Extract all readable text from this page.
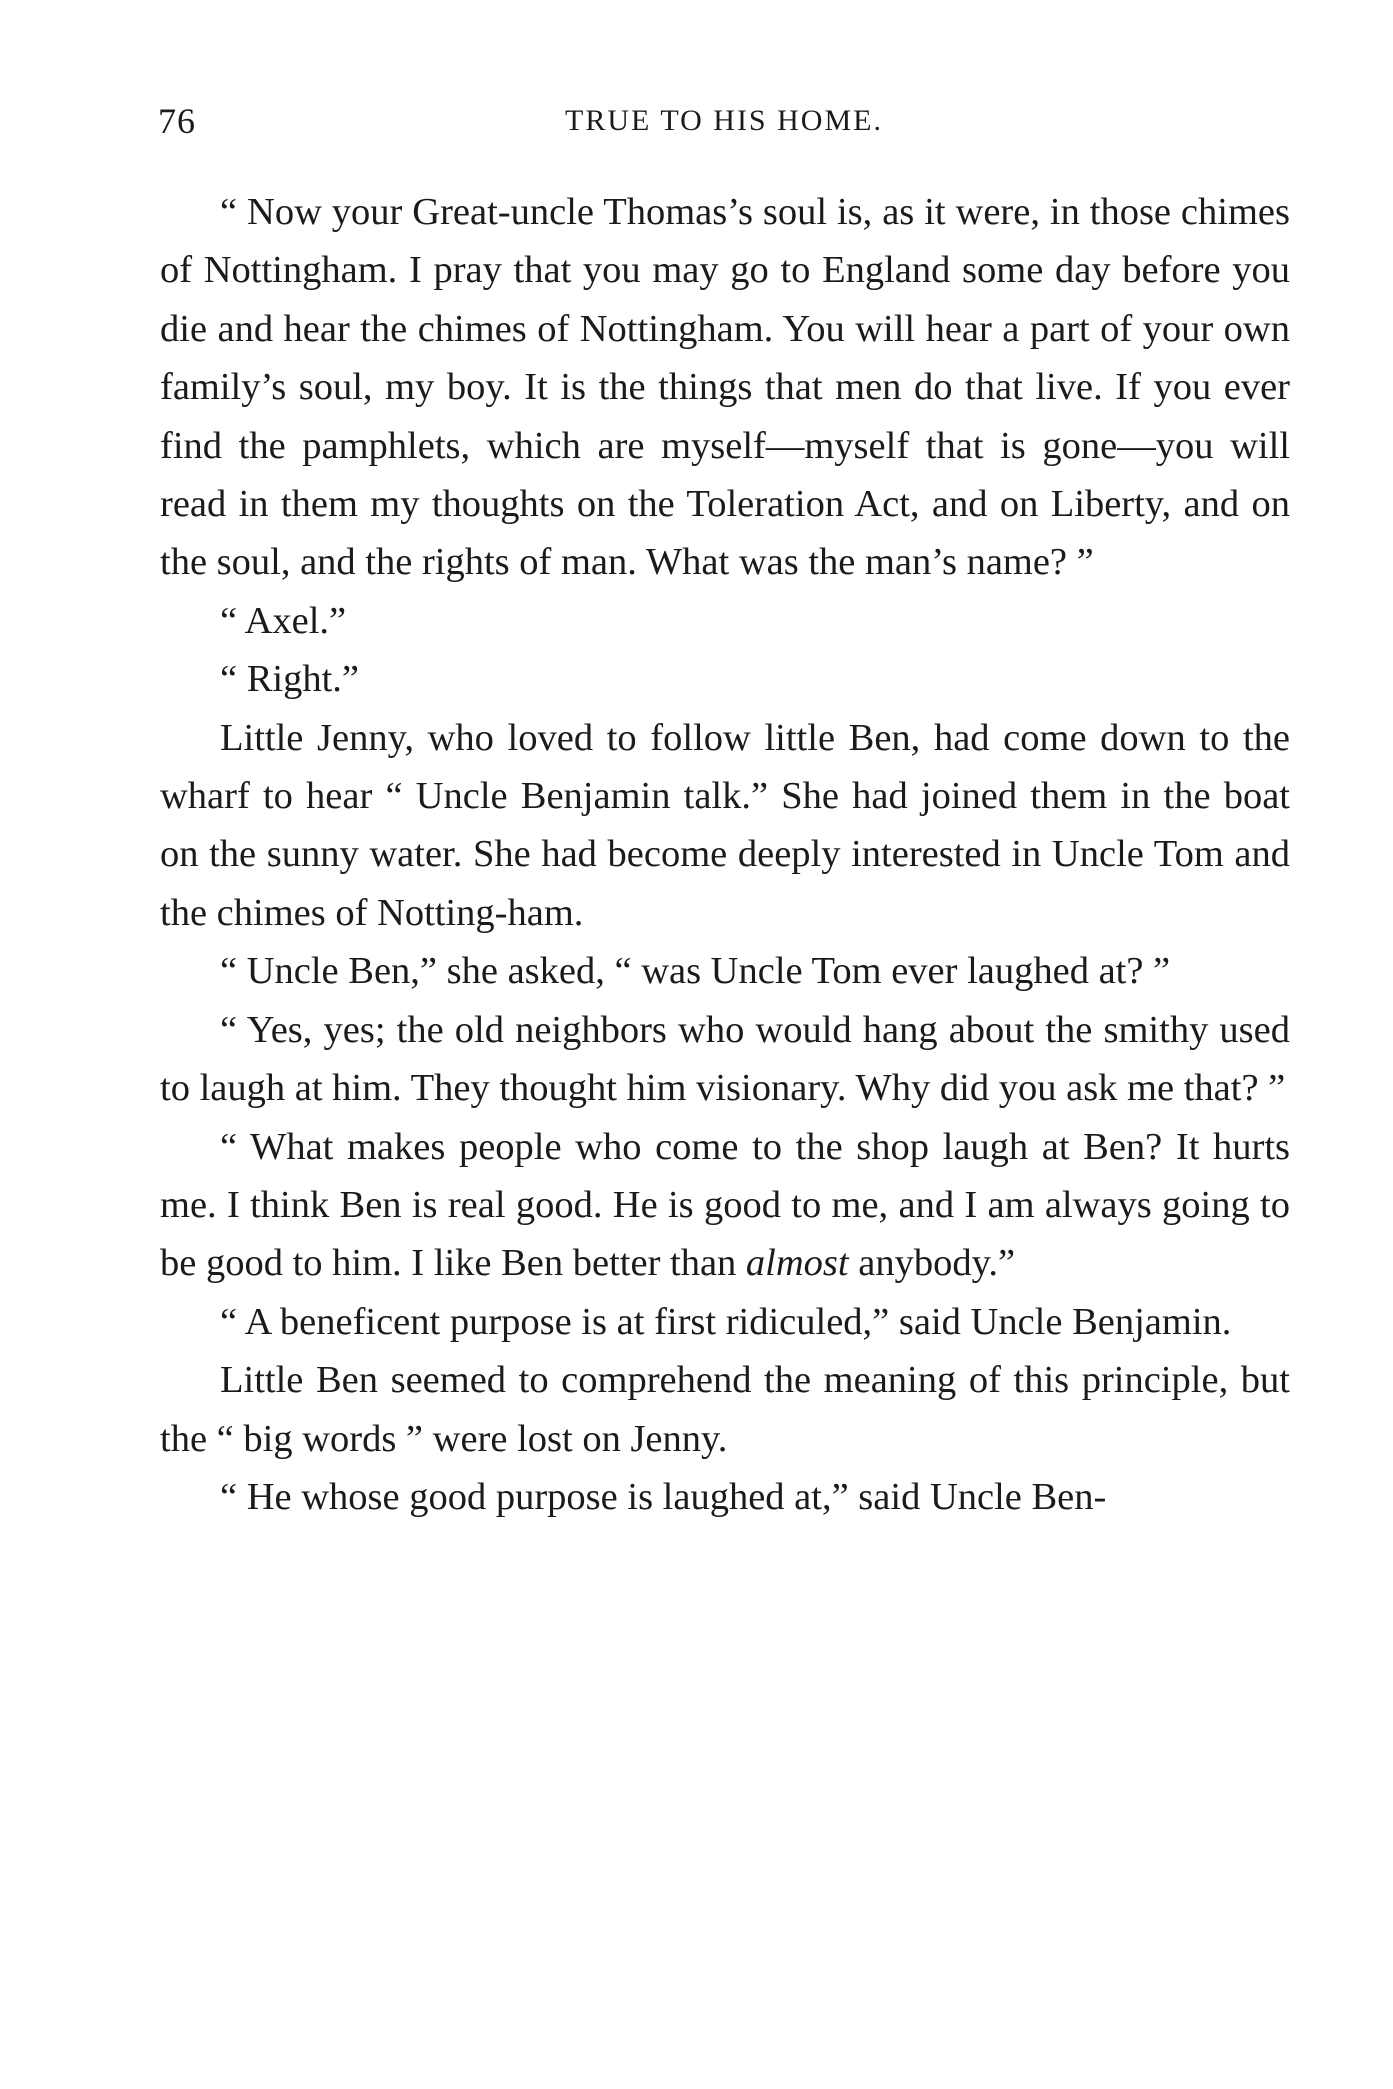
76	TRUE TO HIS HOME.

“ Now your Great-uncle Thomas’s soul is, as it were, in those chimes of Nottingham. I pray that you may go to England some day before you die and hear the chimes of Nottingham. You will hear a part of your own family’s soul, my boy. It is the things that men do that live. If you ever find the pamphlets, which are myself—myself that is gone—you will read in them my thoughts on the Toleration Act, and on Liberty, and on the soul, and the rights of man. What was the man’s name? ”

“ Axel.”

“ Right.”

Little Jenny, who loved to follow little Ben, had come down to the wharf to hear “ Uncle Benjamin talk.” She had joined them in the boat on the sunny water. She had become deeply interested in Uncle Tom and the chimes of Notting-ham.

“ Uncle Ben,” she asked, “ was Uncle Tom ever laughed at? ”

“ Yes, yes; the old neighbors who would hang about the smithy used to laugh at him. They thought him visionary. Why did you ask me that? ”

“ What makes people who come to the shop laugh at Ben? It hurts me. I think Ben is real good. He is good to me, and I am always going to be good to him. I like Ben better than almost anybody.”

“ A beneficent purpose is at first ridiculed,” said Uncle Benjamin.

Little Ben seemed to comprehend the meaning of this principle, but the “ big words ” were lost on Jenny.

“ He whose good purpose is laughed at,” said Uncle Ben-
